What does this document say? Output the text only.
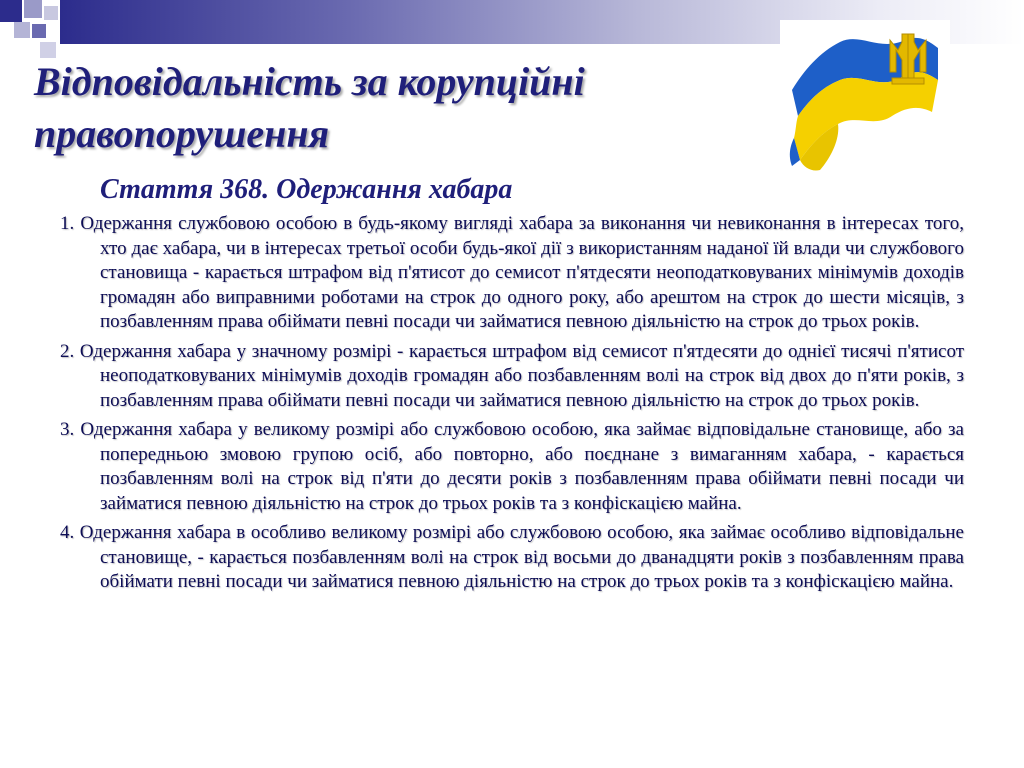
Відповідальність за корупційні правопорушення
Стаття 368. Одержання хабара

1. Одержання службовою особою в будь-якому вигляді хабара за виконання чи невиконання в інтересах того, хто дає хабара, чи в інтересах третьої особи будь-якої дії з використанням наданої їй влади чи службового становища - карається штрафом від п'ятисот до семисот п'ятдесяти неоподатковуваних мінімумів доходів громадян або виправними роботами на строк до одного року, або арештом на строк до шести місяців, з позбавленням права обіймати певні посади чи займатися певною діяльністю на строк до трьох років.

2. Одержання хабара у значному розмірі - карається штрафом від семисот п'ятдесяти до однієї тисячі п'ятисот неоподатковуваних мінімумів доходів громадян або позбавленням волі на строк від двох до п'яти років, з позбавленням права обіймати певні посади чи займатися певною діяльністю на строк до трьох років.

3. Одержання хабара у великому розмірі або службовою особою, яка займає відповідальне становище, або за попередньою змовою групою осіб, або повторно, або поєднане з вимаганням хабара, - карається позбавленням волі на строк від п'яти до десяти років з позбавленням права обіймати певні посади чи займатися певною діяльністю на строк до трьох років та з конфіскацією майна.

4. Одержання хабара в особливо великому розмірі або службовою особою, яка займає особливо відповідальне становище, - карається позбавленням волі на строк від восьми до дванадцяти років з позбавленням права обіймати певні посади чи займатися певною діяльністю на строк до трьох років та з конфіскацією майна.
